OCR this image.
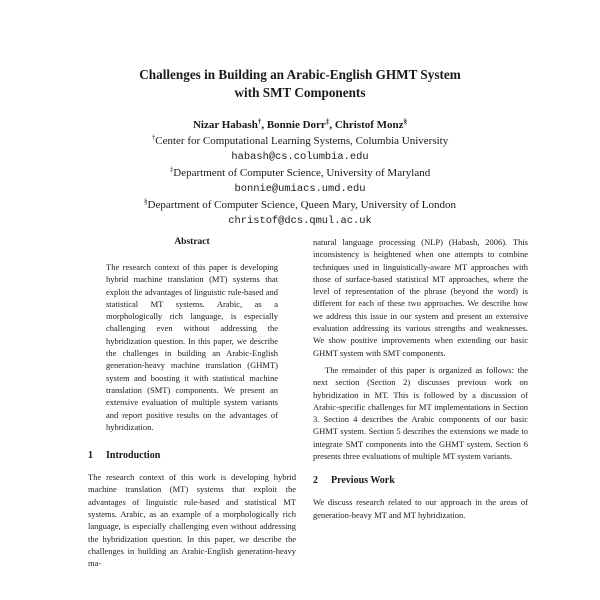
Challenges in Building an Arabic-English GHMT System
with SMT Components
Nizar Habash†, Bonnie Dorr‡, Christof Monz§
†Center for Computational Learning Systems, Columbia University
habash@cs.columbia.edu
‡Department of Computer Science, University of Maryland
bonnie@umiacs.umd.edu
§Department of Computer Science, Queen Mary, University of London
christof@dcs.qmul.ac.uk
Abstract

The research context of this paper is developing hybrid machine translation (MT) systems that exploit the advantages of linguistic rule-based and statistical MT systems. Arabic, as a morphologically rich language, is especially challenging even without addressing the hybridization question. In this paper, we describe the challenges in building an Arabic-English generation-heavy machine translation (GHMT) system and boosting it with statistical machine translation (SMT) components. We present an extensive evaluation of multiple system variants and report positive results on the advantages of hybridization.

1 Introduction

The research context of this work is developing hybrid machine translation (MT) systems that exploit the advantages of linguistic rule-based and statistical MT systems. Arabic, as an example of a morphologically rich language, is especially challenging even without addressing the hybridization question. In this paper, we describe the challenges in building an Arabic-English generation-heavy ma-

natural language processing (NLP) (Habash, 2006). This inconsistency is heightened when one attempts to combine techniques used in linguistically-aware MT approaches with those of surface-based statistical MT approaches, where the level of representation of the phrase (beyond the word) is different for each of these two approaches. We describe how we address this issue in our system and present an extensive evaluation addressing its various strengths and weaknesses. We show positive improvements when extending our basic GHMT system with SMT components.

The remainder of this paper is organized as follows: the next section (Section 2) discusses previous work on hybridization in MT. This is followed by a discussion of Arabic-specific challenges for MT implementations in Section 3. Section 4 describes the Arabic components of our basic GHMT system. Section 5 describes the extensions we made to integrate SMT components into the GHMT system. Section 6 presents three evaluations of multiple MT system variants.

2 Previous Work

We discuss research related to our approach in the areas of generation-heavy MT and MT hybridization.
